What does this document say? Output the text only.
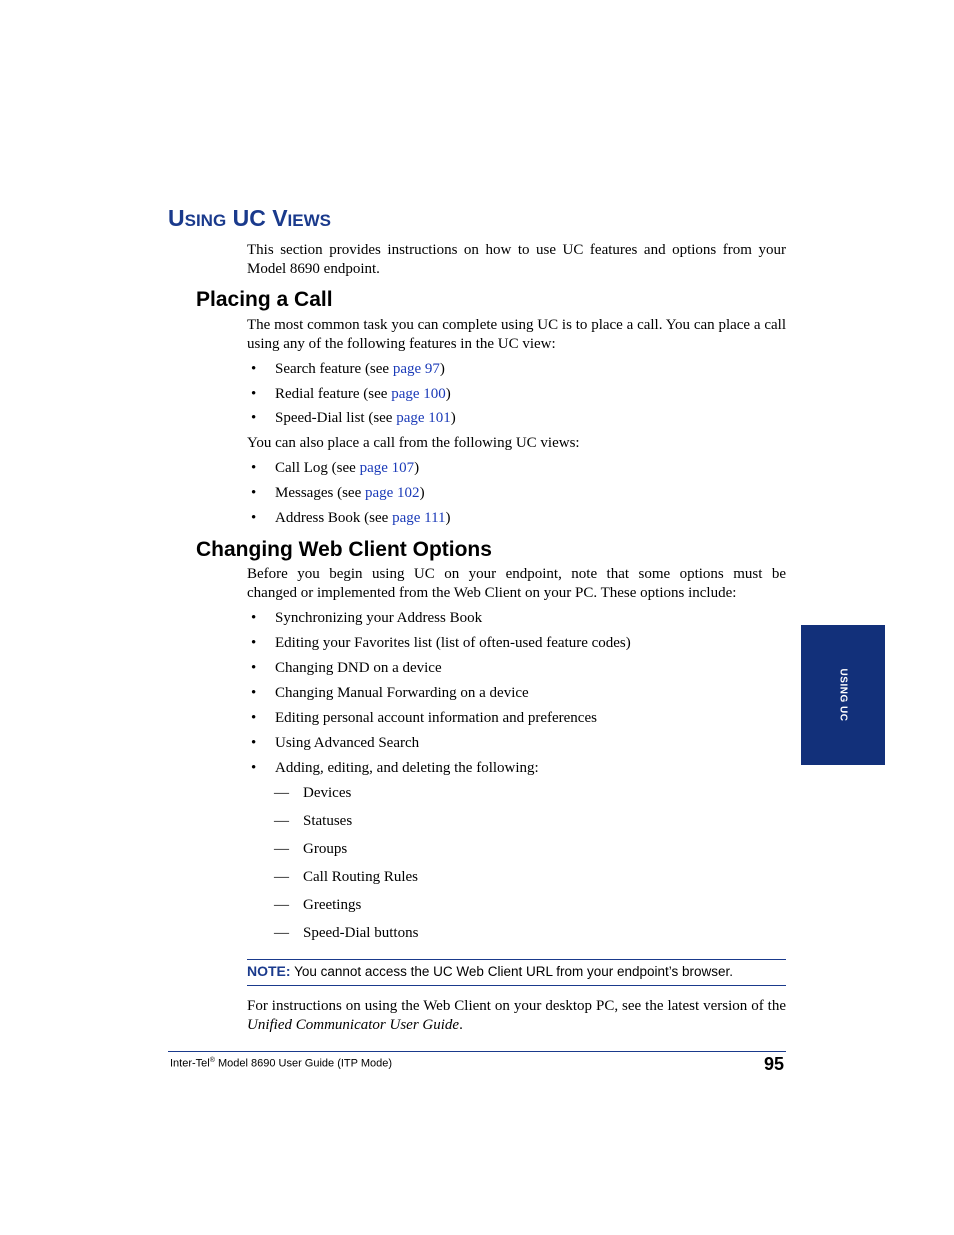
USING UC VIEWS

This section provides instructions on how to use UC features and options from your Model 8690 endpoint.

Placing a Call

The most common task you can complete using UC is to place a call. You can place a call using any of the following features in the UC view:

• Search feature (see page 97)
• Redial feature (see page 100)
• Speed-Dial list (see page 101)

You can also place a call from the following UC views:

• Call Log (see page 107)
• Messages (see page 102)
• Address Book (see page 111)
Changing Web Client Options

Before you begin using UC on your endpoint, note that some options must be
changed or implemented from the Web Client on your PC. These options include:

• Synchronizing your Address Book
• Editing your Favorites list (list of often-used feature codes)
• Changing DND on a device
• Changing Manual Forwarding on a device
• Editing personal account information and preferences
• Using Advanced Search
• Adding, editing, and deleting the following:
— Devices
— Statuses
— Groups
— Call Routing Rules
— Greetings
— Speed-Dial buttons
NOTE: You cannot access the UC Web Client URL from your endpoint’s browser.

For instructions on using the Web Client on your desktop PC, see the latest version of the Unified Communicator User Guide.

Inter-Tel® Model 8690 User Guide (ITP Mode)	95
USING UC
